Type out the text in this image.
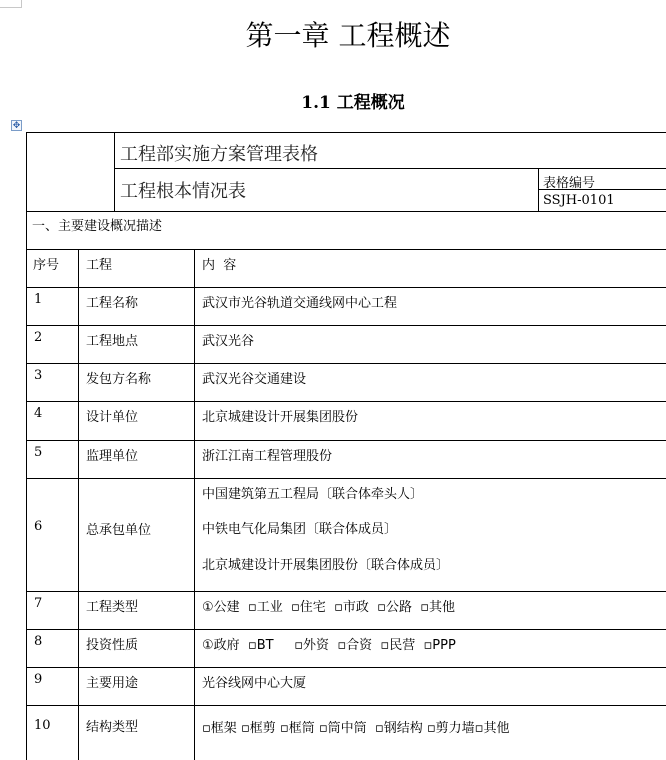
第一章 工程概述
1.1 工程概况
✥
工程部实施方案管理表格
工程根本情况表	表格编号
SSJH-0101
一、主要建设概况描述
序号 工程	内  容
1	工程名称	武汉市光谷轨道交通线网中心工程
2	工程地点	武汉光谷
3	发包方名称	武汉光谷交通建设
4	设计单位	北京城建设计开展集团股份
5	监理单位	浙江江南工程管理股份
6	总承包单位
中国建筑第五工程局〔联合体牵头人〕
中铁电气化局集团〔联合体成员〕
北京城建设计开展集团股份〔联合体成员〕
7	工程类型	①公建  ▫工业  ▫住宅  ▫市政  ▫公路  ▫其他
8	投资性质	①政府  ▫BT     ▫外资  ▫合资  ▫民营  ▫PPP
9	主要用途	光谷线网中心大厦
10	结构类型	▫框架 ▫框剪 ▫框筒 ▫筒中筒  ▫钢结构 ▫剪力墙▫其他
